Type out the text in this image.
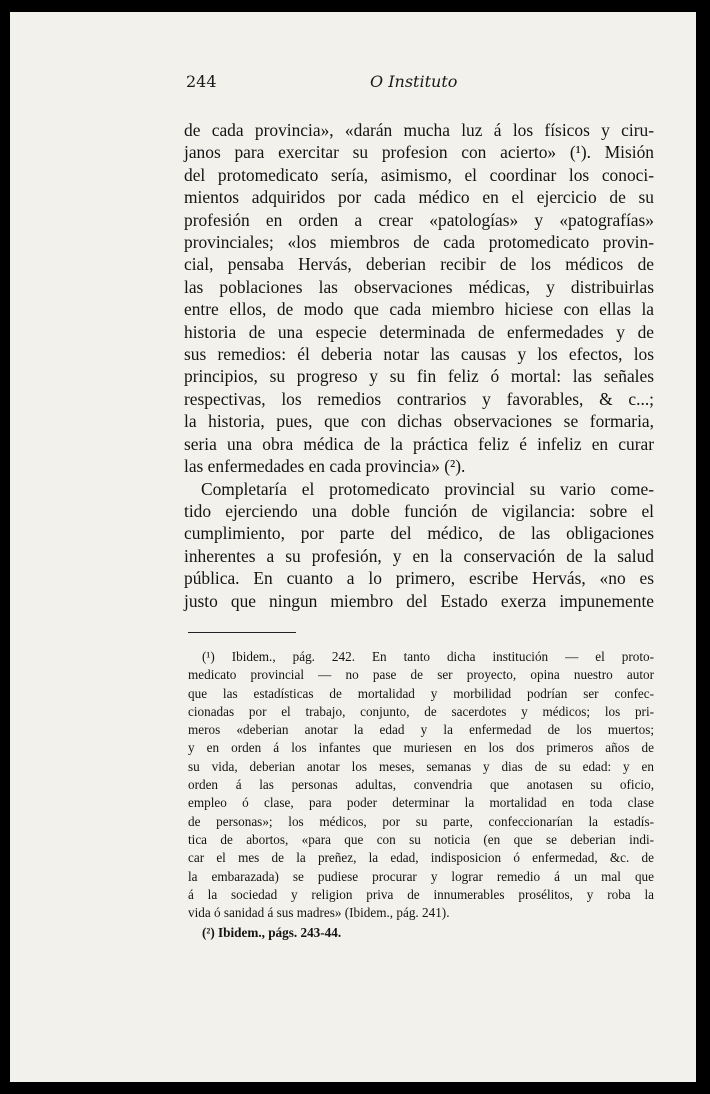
244	O Instituto
de cada provincia», «darán mucha luz á los físicos y ciru-
janos para exercitar su profesion con acierto» (¹). Misión
del protomedicato sería, asimismo, el coordinar los conoci-
mientos adquiridos por cada médico en el ejercicio de su
profesión en orden a crear «patologías» y «patografías»
provinciales; «los miembros de cada protomedicato provin-
cial, pensaba Hervás, deberian recibir de los médicos de
las poblaciones las observaciones médicas, y distribuirlas
entre ellos, de modo que cada miembro hiciese con ellas la
historia de una especie determinada de enfermedades y de
sus remedios: él deberia notar las causas y los efectos, los
principios, su progreso y su fin feliz ó mortal: las señales
respectivas, los remedios contrarios y favorables, & c...;
la historia, pues, que con dichas observaciones se formaria,
seria una obra médica de la práctica feliz é infeliz en curar
las enfermedades en cada provincia» (²).
Completaría el protomedicato provincial su vario come-
tido ejerciendo una doble función de vigilancia: sobre el
cumplimiento, por parte del médico, de las obligaciones
inherentes a su profesión, y en la conservación de la salud
pública. En cuanto a lo primero, escribe Hervás, «no es
justo que ningun miembro del Estado exerza impunemente
(¹) Ibidem., pág. 242. En tanto dicha institución — el proto-
medicato provincial — no pase de ser proyecto, opina nuestro autor
que las estadísticas de mortalidad y morbilidad podrían ser confec-
cionadas por el trabajo, conjunto, de sacerdotes y médicos; los pri-
meros «deberian anotar la edad y la enfermedad de los muertos;
y en orden á los infantes que muriesen en los dos primeros años de
su vida, deberian anotar los meses, semanas y dias de su edad: y en
orden á las personas adultas, convendria que anotasen su oficio,
empleo ó clase, para poder determinar la mortalidad en toda clase
de personas»; los médicos, por su parte, confeccionarían la estadís-
tica de abortos, «para que con su noticia (en que se deberian indi-
car el mes de la preñez, la edad, indisposicion ó enfermedad, &c. de
la embarazada) se pudiese procurar y lograr remedio á un mal que
á la sociedad y religion priva de innumerables prosélitos, y roba la
vida ó sanidad á sus madres» (Ibidem., pág. 241).
(²) Ibidem., págs. 243-44.
